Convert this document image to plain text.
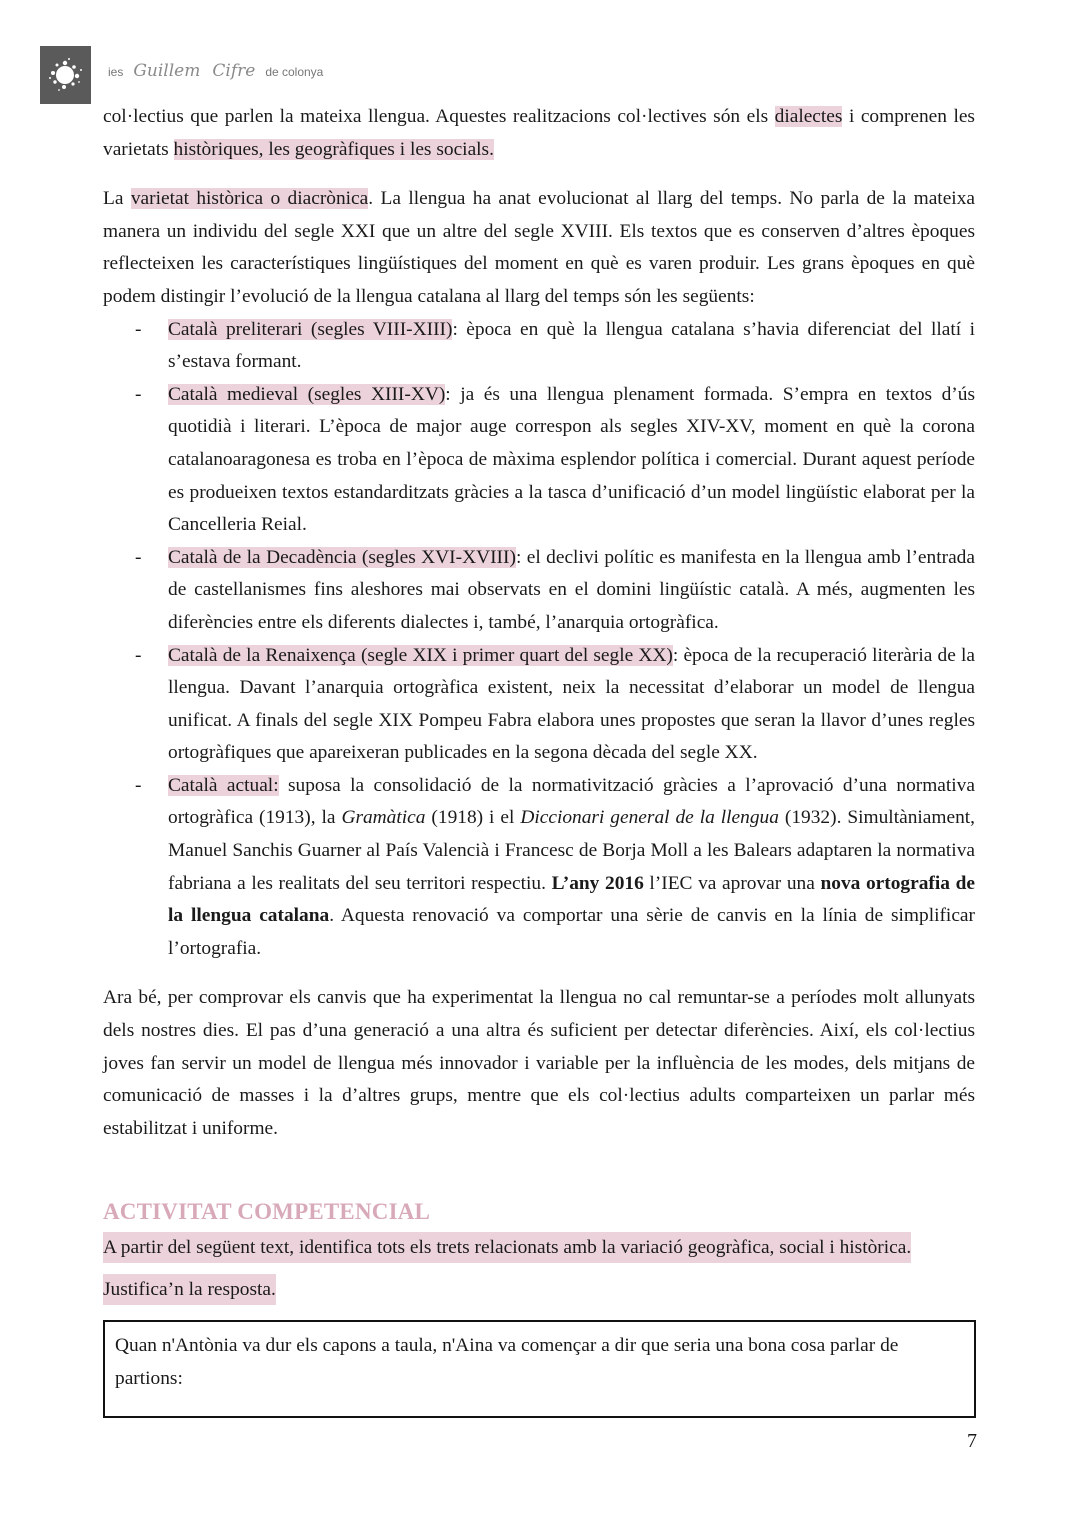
ies Guillem Cifre de colonya

col·lectius que parlen la mateixa llengua. Aquestes realitzacions col·lectives són els dialectes i comprenen les varietats històriques, les geogràfiques i les socials.

La varietat històrica o diacrònica. La llengua ha anat evolucionat al llarg del temps. No parla de la mateixa manera un individu del segle XXI que un altre del segle XVIII. Els textos que es conserven d’altres èpoques reflecteixen les característiques lingüístiques del moment en què es varen produir. Les grans èpoques en què podem distingir l’evolució de la llengua catalana al llarg del temps són les següents:

- Català preliterari (segles VIII-XIII): època en què la llengua catalana s’havia diferenciat del llatí i s’estava formant.
- Català medieval (segles XIII-XV): ja és una llengua plenament formada. S’empra en textos d’ús quotidià i literari. L’època de major auge correspon als segles XIV-XV, moment en què la corona catalanoaragonesa es troba en l’època de màxima esplendor política i comercial. Durant aquest període es produeixen textos estandarditzats gràcies a la tasca d’unificació d’un model lingüístic elaborat per la Cancelleria Reial.
- Català de la Decadència (segles XVI-XVIII): el declivi polític es manifesta en la llengua amb l’entrada de castellanismes fins aleshores mai observats en el domini lingüístic català. A més, augmenten les diferències entre els diferents dialectes i, també, l’anarquia ortogràfica.
- Català de la Renaixença (segle XIX i primer quart del segle XX): època de la recuperació literària de la llengua. Davant l’anarquia ortogràfica existent, neix la necessitat d’elaborar un model de llengua unificat. A finals del segle XIX Pompeu Fabra elabora unes propostes que seran la llavor d’unes regles ortogràfiques que apareixeran publicades en la segona dècada del segle XX.
- Català actual: suposa la consolidació de la normativització gràcies a l’aprovació d’una normativa ortogràfica (1913), la Gramàtica (1918) i el Diccionari general de la llengua (1932). Simultàniament, Manuel Sanchis Guarner al País Valencià i Francesc de Borja Moll a les Balears adaptaren la normativa fabriana a les realitats del seu territori respectiu. L’any 2016 l’IEC va aprovar una nova ortografia de la llengua catalana. Aquesta renovació va comportar una sèrie de canvis en la línia de simplificar l’ortografia.

Ara bé, per comprovar els canvis que ha experimentat la llengua no cal remuntar-se a períodes molt allunyats dels nostres dies. El pas d’una generació a una altra és suficient per detectar diferències. Així, els col·lectius joves fan servir un model de llengua més innovador i variable per la influència de les modes, dels mitjans de comunicació de masses i la d’altres grups, mentre que els col·lectius adults comparteixen un parlar més estabilitzat i uniforme.

ACTIVITAT COMPETENCIAL

A partir del següent text, identifica tots els trets relacionats amb la variació geogràfica, social i històrica.
Justifica’n la resposta.

Quan n'Antònia va dur els capons a taula, n'Aina va començar a dir que seria una bona cosa parlar de partions:
7
